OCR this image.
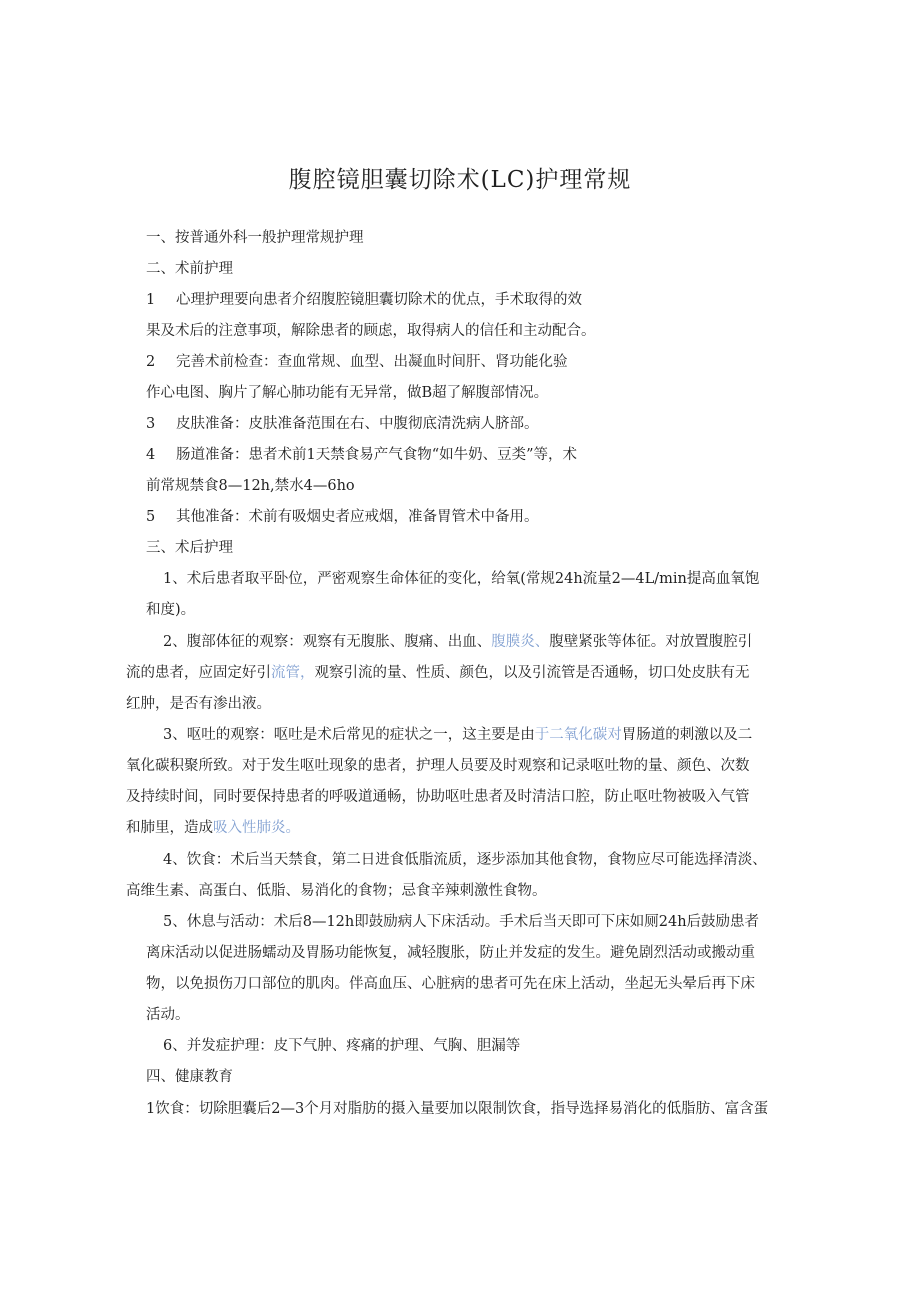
腹腔镜胆囊切除术(LC)护理常规
一、按普通外科一般护理常规护理
二、术前护理
1 心理护理要向患者介绍腹腔镜胆囊切除术的优点，手术取得的效
果及术后的注意事项，解除患者的顾虑，取得病人的信任和主动配合。
2 完善术前检查：查血常规、血型、出凝血时间肝、肾功能化验
作心电图、胸片了解心肺功能有无异常，做B超了解腹部情况。
3 皮肤准备：皮肤准备范围在右、中腹彻底清洗病人脐部。
4 肠道准备：患者术前1天禁食易产气食物“如牛奶、豆类”等，术
前常规禁食8—12h,禁水4—6ho
5 其他准备：术前有吸烟史者应戒烟，准备胃管术中备用。
三、术后护理
1、术后患者取平卧位，严密观察生命体征的变化，给氧(常规24h流量2—4L/min提高血氧饱
和度)。
2、腹部体征的观察：观察有无腹胀、腹痛、出血、腹膜炎、腹壁紧张等体征。对放置腹腔引
流的患者，应固定好引流管，观察引流的量、性质、颜色，以及引流管是否通畅，切口处皮肤有无
红肿，是否有渗出液。
3、呕吐的观察：呕吐是术后常见的症状之一，这主要是由于二氧化碳对胃肠道的刺激以及二
氧化碳积聚所致。对于发生呕吐现象的患者，护理人员要及时观察和记录呕吐物的量、颜色、次数
及持续时间，同时要保持患者的呼吸道通畅，协助呕吐患者及时清洁口腔，防止呕吐物被吸入气管
和肺里，造成吸入性肺炎。
4、饮食：术后当天禁食，第二日进食低脂流质，逐步添加其他食物，食物应尽可能选择清淡、
高维生素、高蛋白、低脂、易消化的食物；忌食辛辣刺激性食物。
5、休息与活动：术后8—12h即鼓励病人下床活动。手术后当天即可下床如厕24h后鼓励患者
离床活动以促进肠蠕动及胃肠功能恢复，减轻腹胀，防止并发症的发生。避免剧烈活动或搬动重
物，以免损伤刀口部位的肌肉。伴高血压、心脏病的患者可先在床上活动，坐起无头晕后再下床
活动。
6、并发症护理：皮下气肿、疼痛的护理、气胸、胆漏等
四、健康教育
1饮食：切除胆囊后2—3个月对脂肪的摄入量要加以限制饮食，指导选择易消化的低脂肪、富含蛋
